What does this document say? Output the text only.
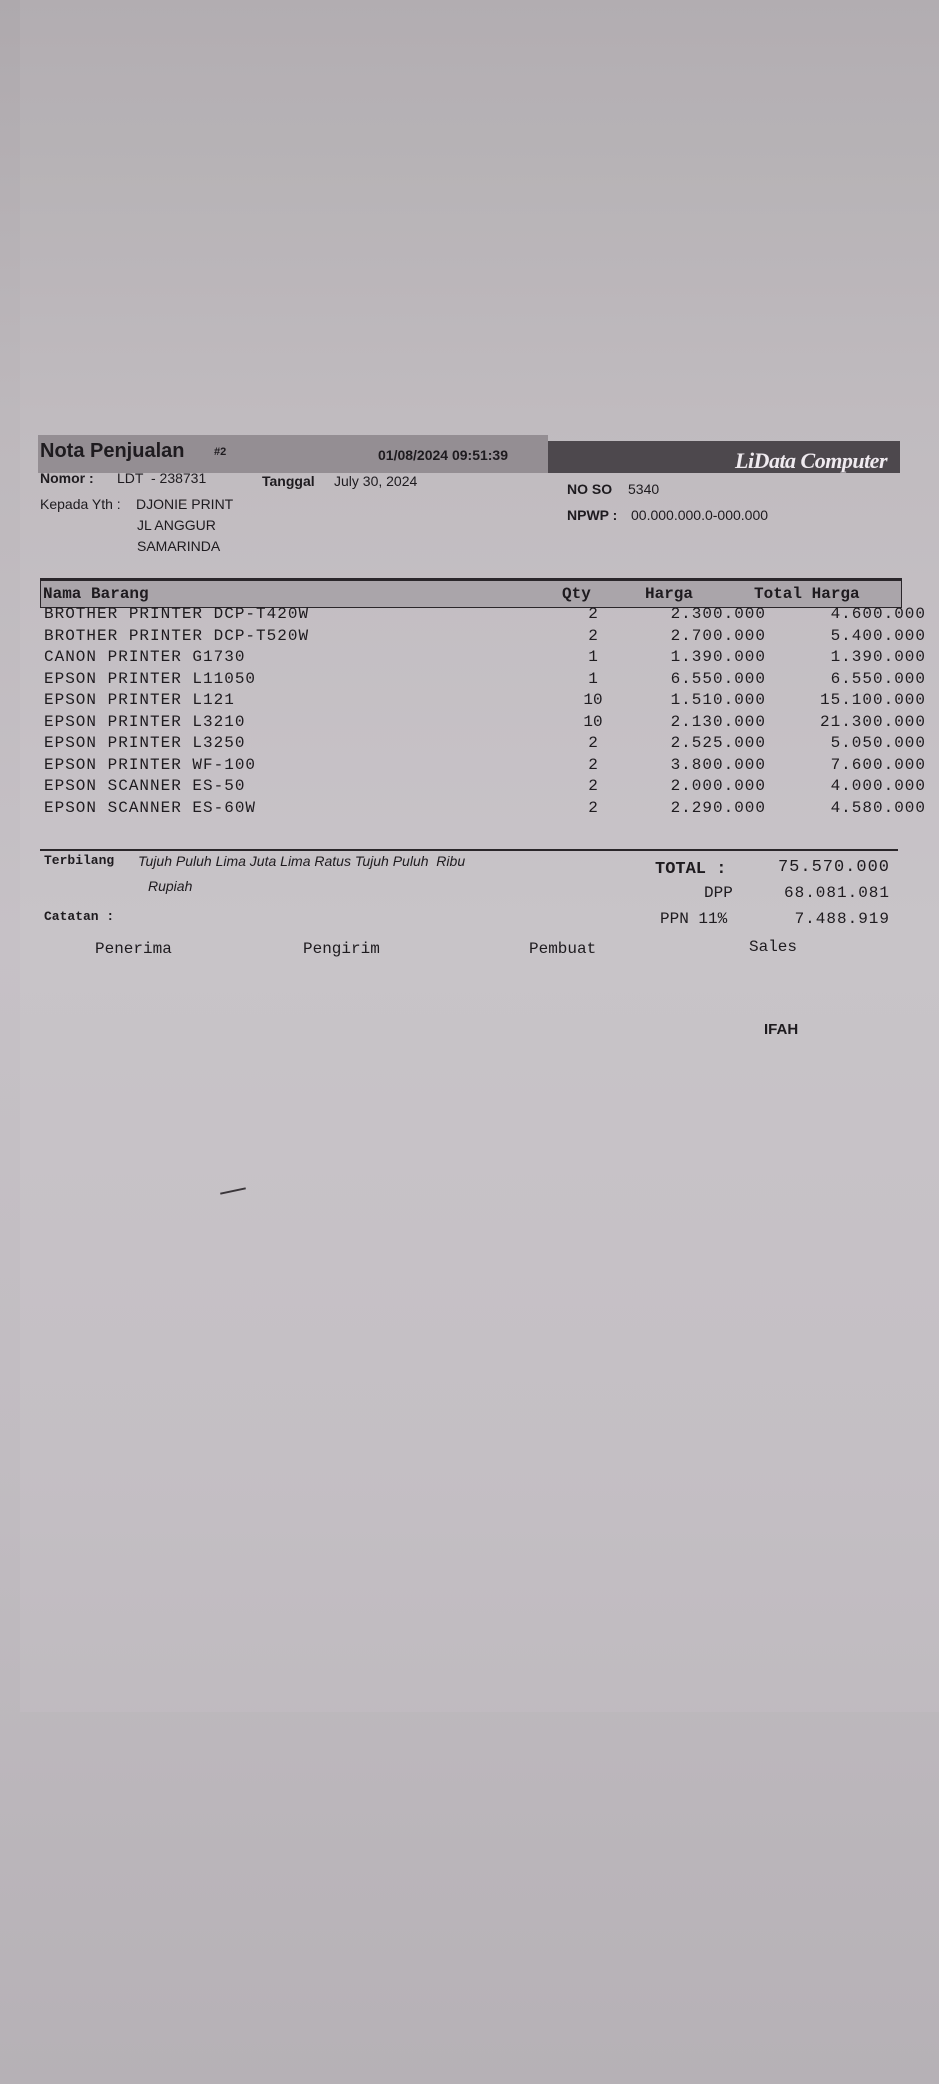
Nota Penjualan	#2	01/08/2024 09:51:39	LiData Computer
Nomor : LDT  - 238731	Tanggal July 30, 2024
Kepada Yth : DJONIE PRINT
JL ANGGUR
SAMARINDA
NO SO 5340
NPWP : 00.000.000.0-000.000
Nama Barang	Qty	Harga	Total Harga
BROTHER PRINTER DCP-T420W	2	2.300.000	4.600.000
BROTHER PRINTER DCP-T520W	2	2.700.000	5.400.000
CANON PRINTER G1730	1	1.390.000	1.390.000
EPSON PRINTER L11050	1	6.550.000	6.550.000
EPSON PRINTER L121	10	1.510.000	15.100.000
EPSON PRINTER L3210	10	2.130.000	21.300.000
EPSON PRINTER L3250	2	2.525.000	5.050.000
EPSON PRINTER WF-100	2	3.800.000	7.600.000
EPSON SCANNER ES-50	2	2.000.000	4.000.000
EPSON SCANNER ES-60W	2	2.290.000	4.580.000
Terbilang Tujuh Puluh Lima Juta Lima Ratus Tujuh Puluh  Ribu
Rupiah
Catatan :
TOTAL :	75.570.000
DPP	68.081.081
PPN 11%	7.488.919
Penerima	Pengirim	Pembuat	Sales
IFAH
